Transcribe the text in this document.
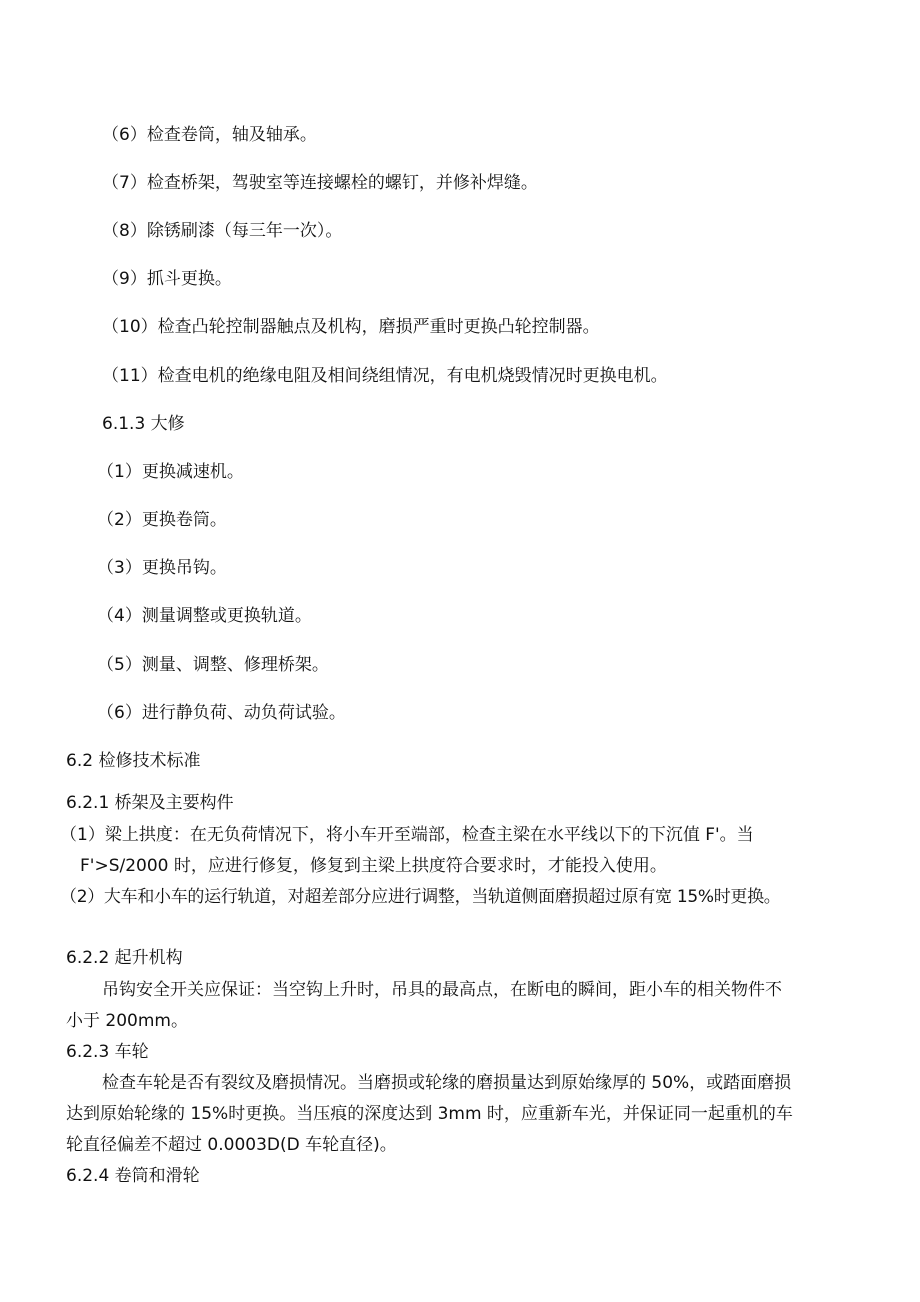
（6）检查卷筒，轴及轴承。
（7）检查桥架，驾驶室等连接螺栓的螺钉，并修补焊缝。
（8）除锈刷漆（每三年一次）。
（9）抓斗更换。
（10）检查凸轮控制器触点及机构，磨损严重时更换凸轮控制器。
（11）检查电机的绝缘电阻及相间绕组情况，有电机烧毁情况时更换电机。
6.1.3 大修
（1）更换减速机。
（2）更换卷筒。
（3）更换吊钩。
（4）测量调整或更换轨道。
（5）测量、调整、修理桥架。
（6）进行静负荷、动负荷试验。
6.2 检修技术标准
6.2.1 桥架及主要构件
（1）梁上拱度：在无负荷情况下，将小车开至端部，检查主梁在水平线以下的下沉值 F'。当
F'>S/2000 时，应进行修复，修复到主梁上拱度符合要求时，才能投入使用。
（2）大车和小车的运行轨道，对超差部分应进行调整，当轨道侧面磨损超过原有宽 15%时更换。
6.2.2 起升机构
吊钩安全开关应保证：当空钩上升时，吊具的最高点，在断电的瞬间，距小车的相关物件不
小于 200mm。
6.2.3 车轮
检查车轮是否有裂纹及磨损情况。当磨损或轮缘的磨损量达到原始缘厚的 50%，或踏面磨损
达到原始轮缘的 15%时更换。当压痕的深度达到 3mm 时，应重新车光，并保证同一起重机的车
轮直径偏差不超过 0.0003D(D 车轮直径)。
6.2.4 卷筒和滑轮
